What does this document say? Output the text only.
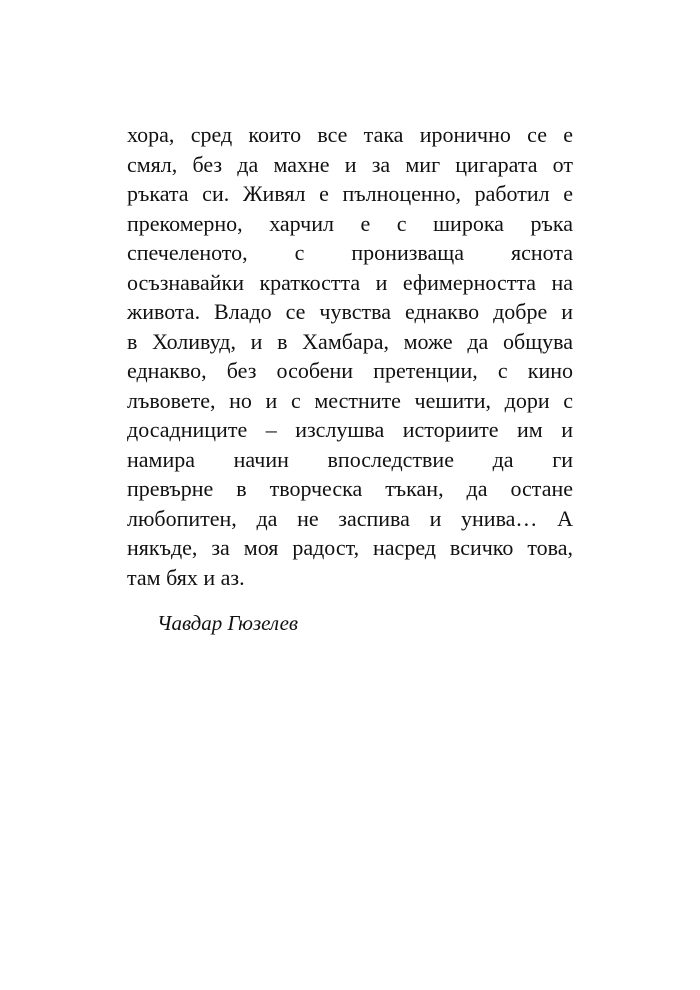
хора, сред които все така иронично се е
смял, без да махне и за миг цигарата от
ръката си. Живял е пълноценно, работил е
прекомерно, харчил е с широка ръка
спечеленото, с пронизваща яснота
осъзнавайки краткостта и ефимерността на
живота. Владо се чувства еднакво добре и
в Холивуд, и в Хамбара, може да общува
еднакво, без особени претенции, с кино
лъвовете, но и с местните чешити, дори с
досадниците – изслушва историите им и
намира начин впоследствие да ги
превърне в творческа тъкан, да остане
любопитен, да не заспива и унива… А
някъде, за моя радост, насред всичко това,
там бях и аз.
Чавдар Гюзелев
